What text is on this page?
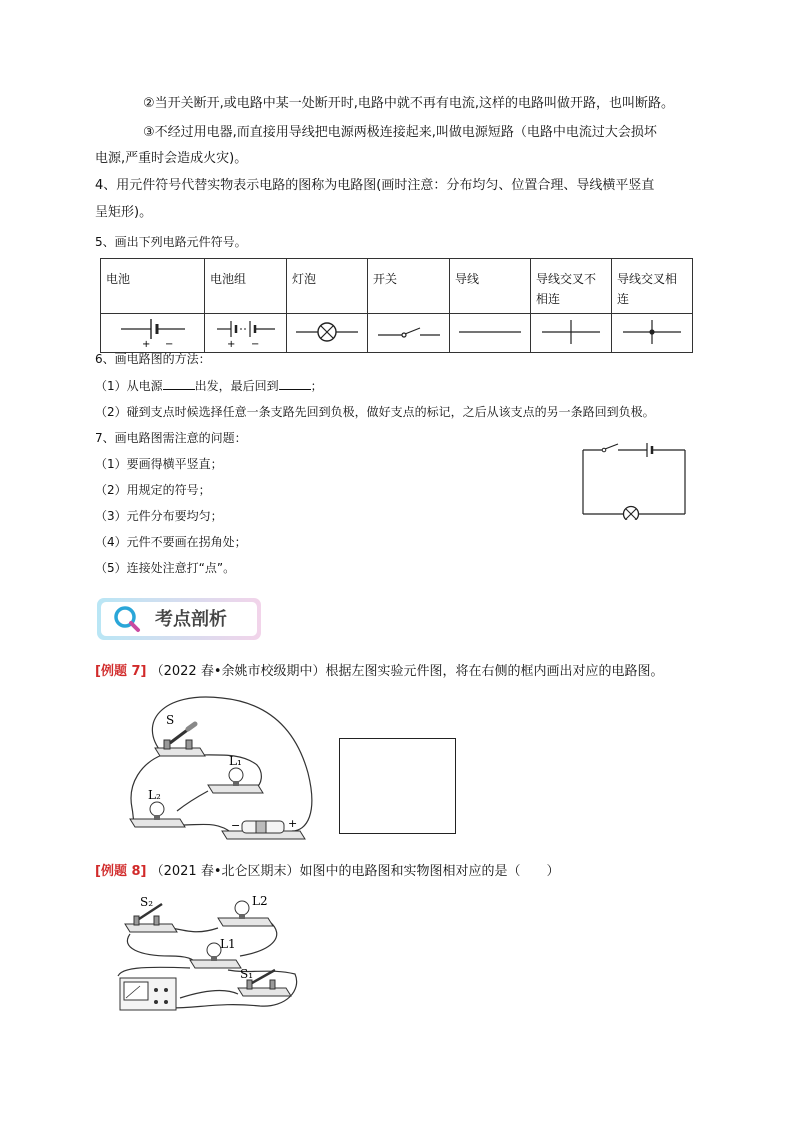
②当开关断开,或电路中某一处断开时,电路中就不再有电流,这样的电路叫做开路，也叫断路。
③不经过用电器,而直接用导线把电源两极连接起来,叫做电源短路（电路中电流过大会损坏
电源,严重时会造成火灾)。
4、用元件符号代替实物表示电路的图称为电路图(画时注意：分布均匀、位置合理、导线横平竖直
呈矩形)。
5、画出下列电路元件符号。
电池	电池组	灯泡	开关	导线	导线交叉不相连	导线交叉相连

+ −	+ −

6、画电路图的方法：
（1）从电源	出发，最后回到	；
（2）碰到支点时候选择任意一条支路先回到负极，做好支点的标记，之后从该支点的另一条路回到负极。
7、画电路图需注意的问题：
（1）要画得横平竖直；
（2）用规定的符号；
（3）元件分布要均匀；
（4）元件不要画在拐角处；
（5）连接处注意打“点”。
考点剖析
[例题 7] （2022 春•余姚市校级期中）根据左图实验元件图，将在右侧的框内画出对应的电路图。
S
L₁
L₂
−	+
[例题 8] （2021 春•北仑区期末）如图中的电路图和实物图相对应的是（　　）
S₂	L2
L1
S₁
